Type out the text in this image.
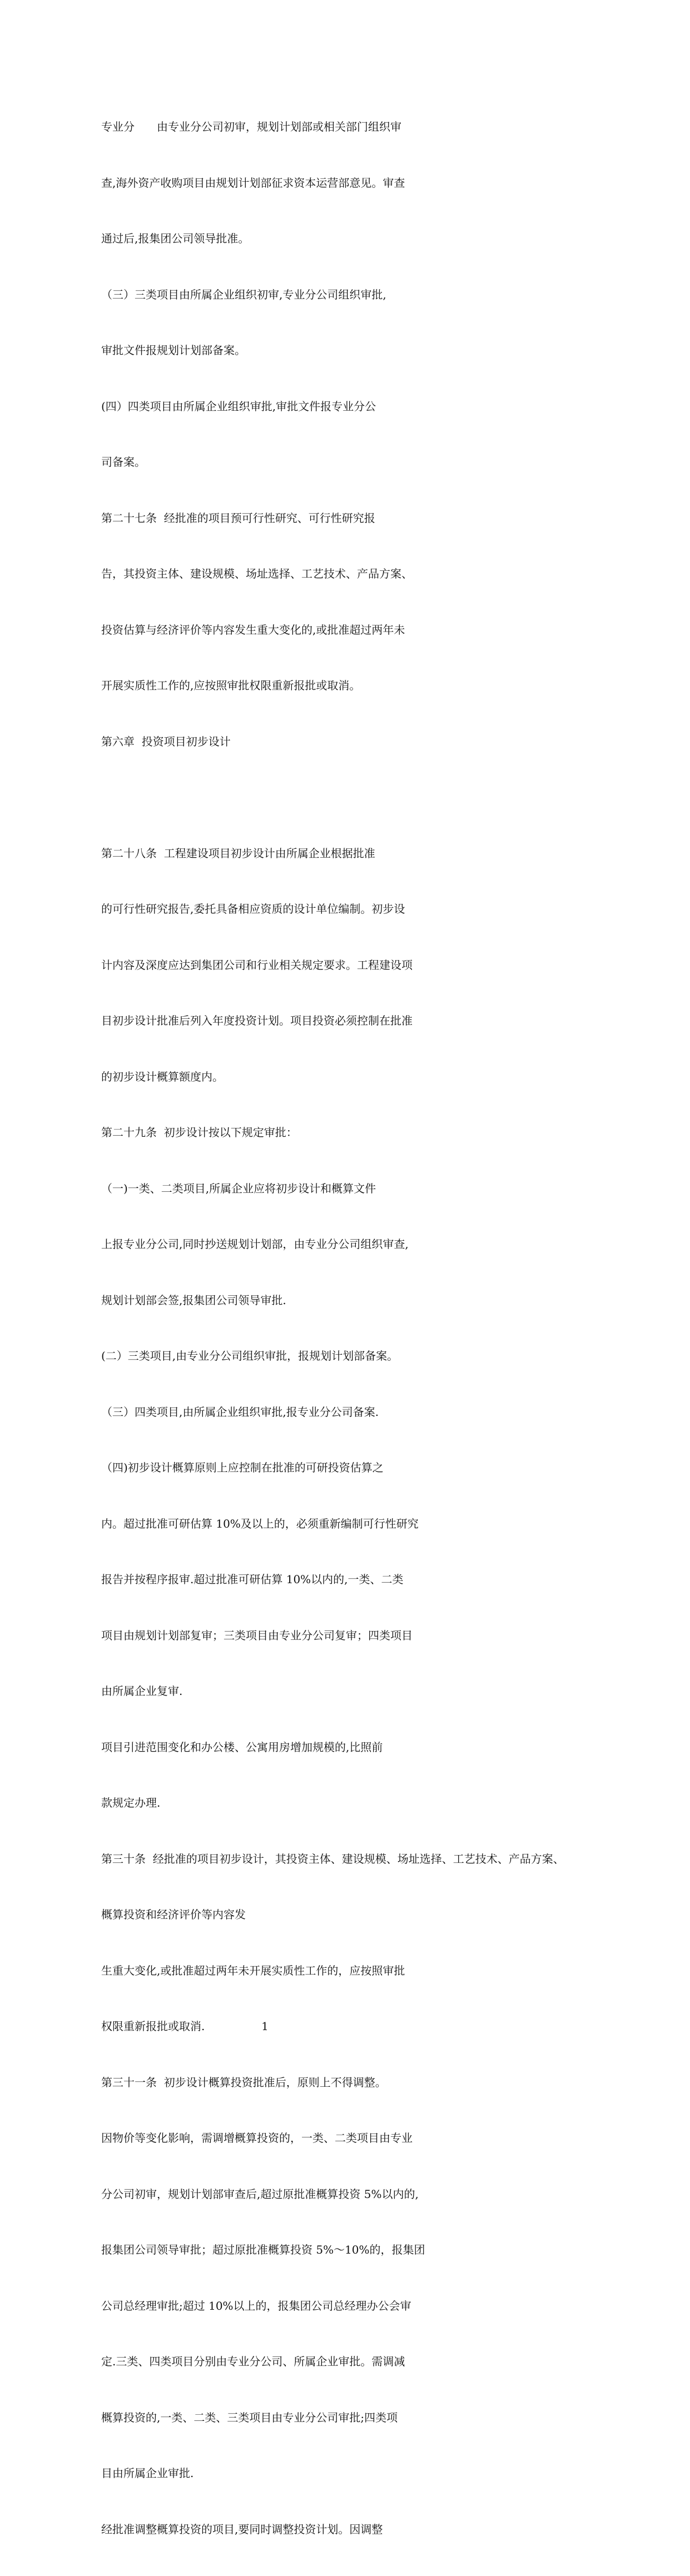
专业分　　由专业分公司初审，规划计划部或相关部门组织审

查,海外资产收购项目由规划计划部征求资本运营部意见。审查

通过后,报集团公司领导批准。

（三）三类项目由所属企业组织初审,专业分公司组织审批,

审批文件报规划计划部备案。

(四）四类项目由所属企业组织审批,审批文件报专业分公

司备案。

第二十七条  经批准的项目预可行性研究、可行性研究报

告，其投资主体、建设规模、场址选择、工艺技术、产品方案、

投资估算与经济评价等内容发生重大变化的,或批准超过两年未

开展实质性工作的,应按照审批权限重新报批或取消。

第六章  投资项目初步设计

第二十八条  工程建设项目初步设计由所属企业根据批准

的可行性研究报告,委托具备相应资质的设计单位编制。初步设

计内容及深度应达到集团公司和行业相关规定要求。工程建设项

目初步设计批准后列入年度投资计划。项目投资必须控制在批准

的初步设计概算额度内。

第二十九条  初步设计按以下规定审批：

（一)一类、二类项目,所属企业应将初步设计和概算文件

上报专业分公司,同时抄送规划计划部，由专业分公司组织审查,

规划计划部会签,报集团公司领导审批.

(二）三类项目,由专业分公司组织审批，报规划计划部备案。

（三）四类项目,由所属企业组织审批,报专业分公司备案.

（四)初步设计概算原则上应控制在批准的可研投资估算之

内。超过批准可研估算 10%及以上的，必须重新编制可行性研究

报告并按程序报审.超过批准可研估算 10%以内的,一类、二类

项目由规划计划部复审；三类项目由专业分公司复审；四类项目

由所属企业复审.

项目引进范围变化和办公楼、公寓用房增加规模的,比照前

款规定办理.

第三十条  经批准的项目初步设计，其投资主体、建设规模、场址选择、工艺技术、产品方案、

概算投资和经济评价等内容发

生重大变化,或批准超过两年未开展实质性工作的，应按照审批

权限重新报批或取消.                1

第三十一条  初步设计概算投资批准后，原则上不得调整。

因物价等变化影响，需调增概算投资的，一类、二类项目由专业

分公司初审，规划计划部审查后,超过原批准概算投资 5%以内的,

报集团公司领导审批；超过原批准概算投资 5%～10%的，报集团

公司总经理审批;超过 10%以上的，报集团公司总经理办公会审

定.三类、四类项目分别由专业分公司、所属企业审批。需调减

概算投资的,一类、二类、三类项目由专业分公司审批;四类项

目由所属企业审批.

经批准调整概算投资的项目,要同时调整投资计划。因调整
